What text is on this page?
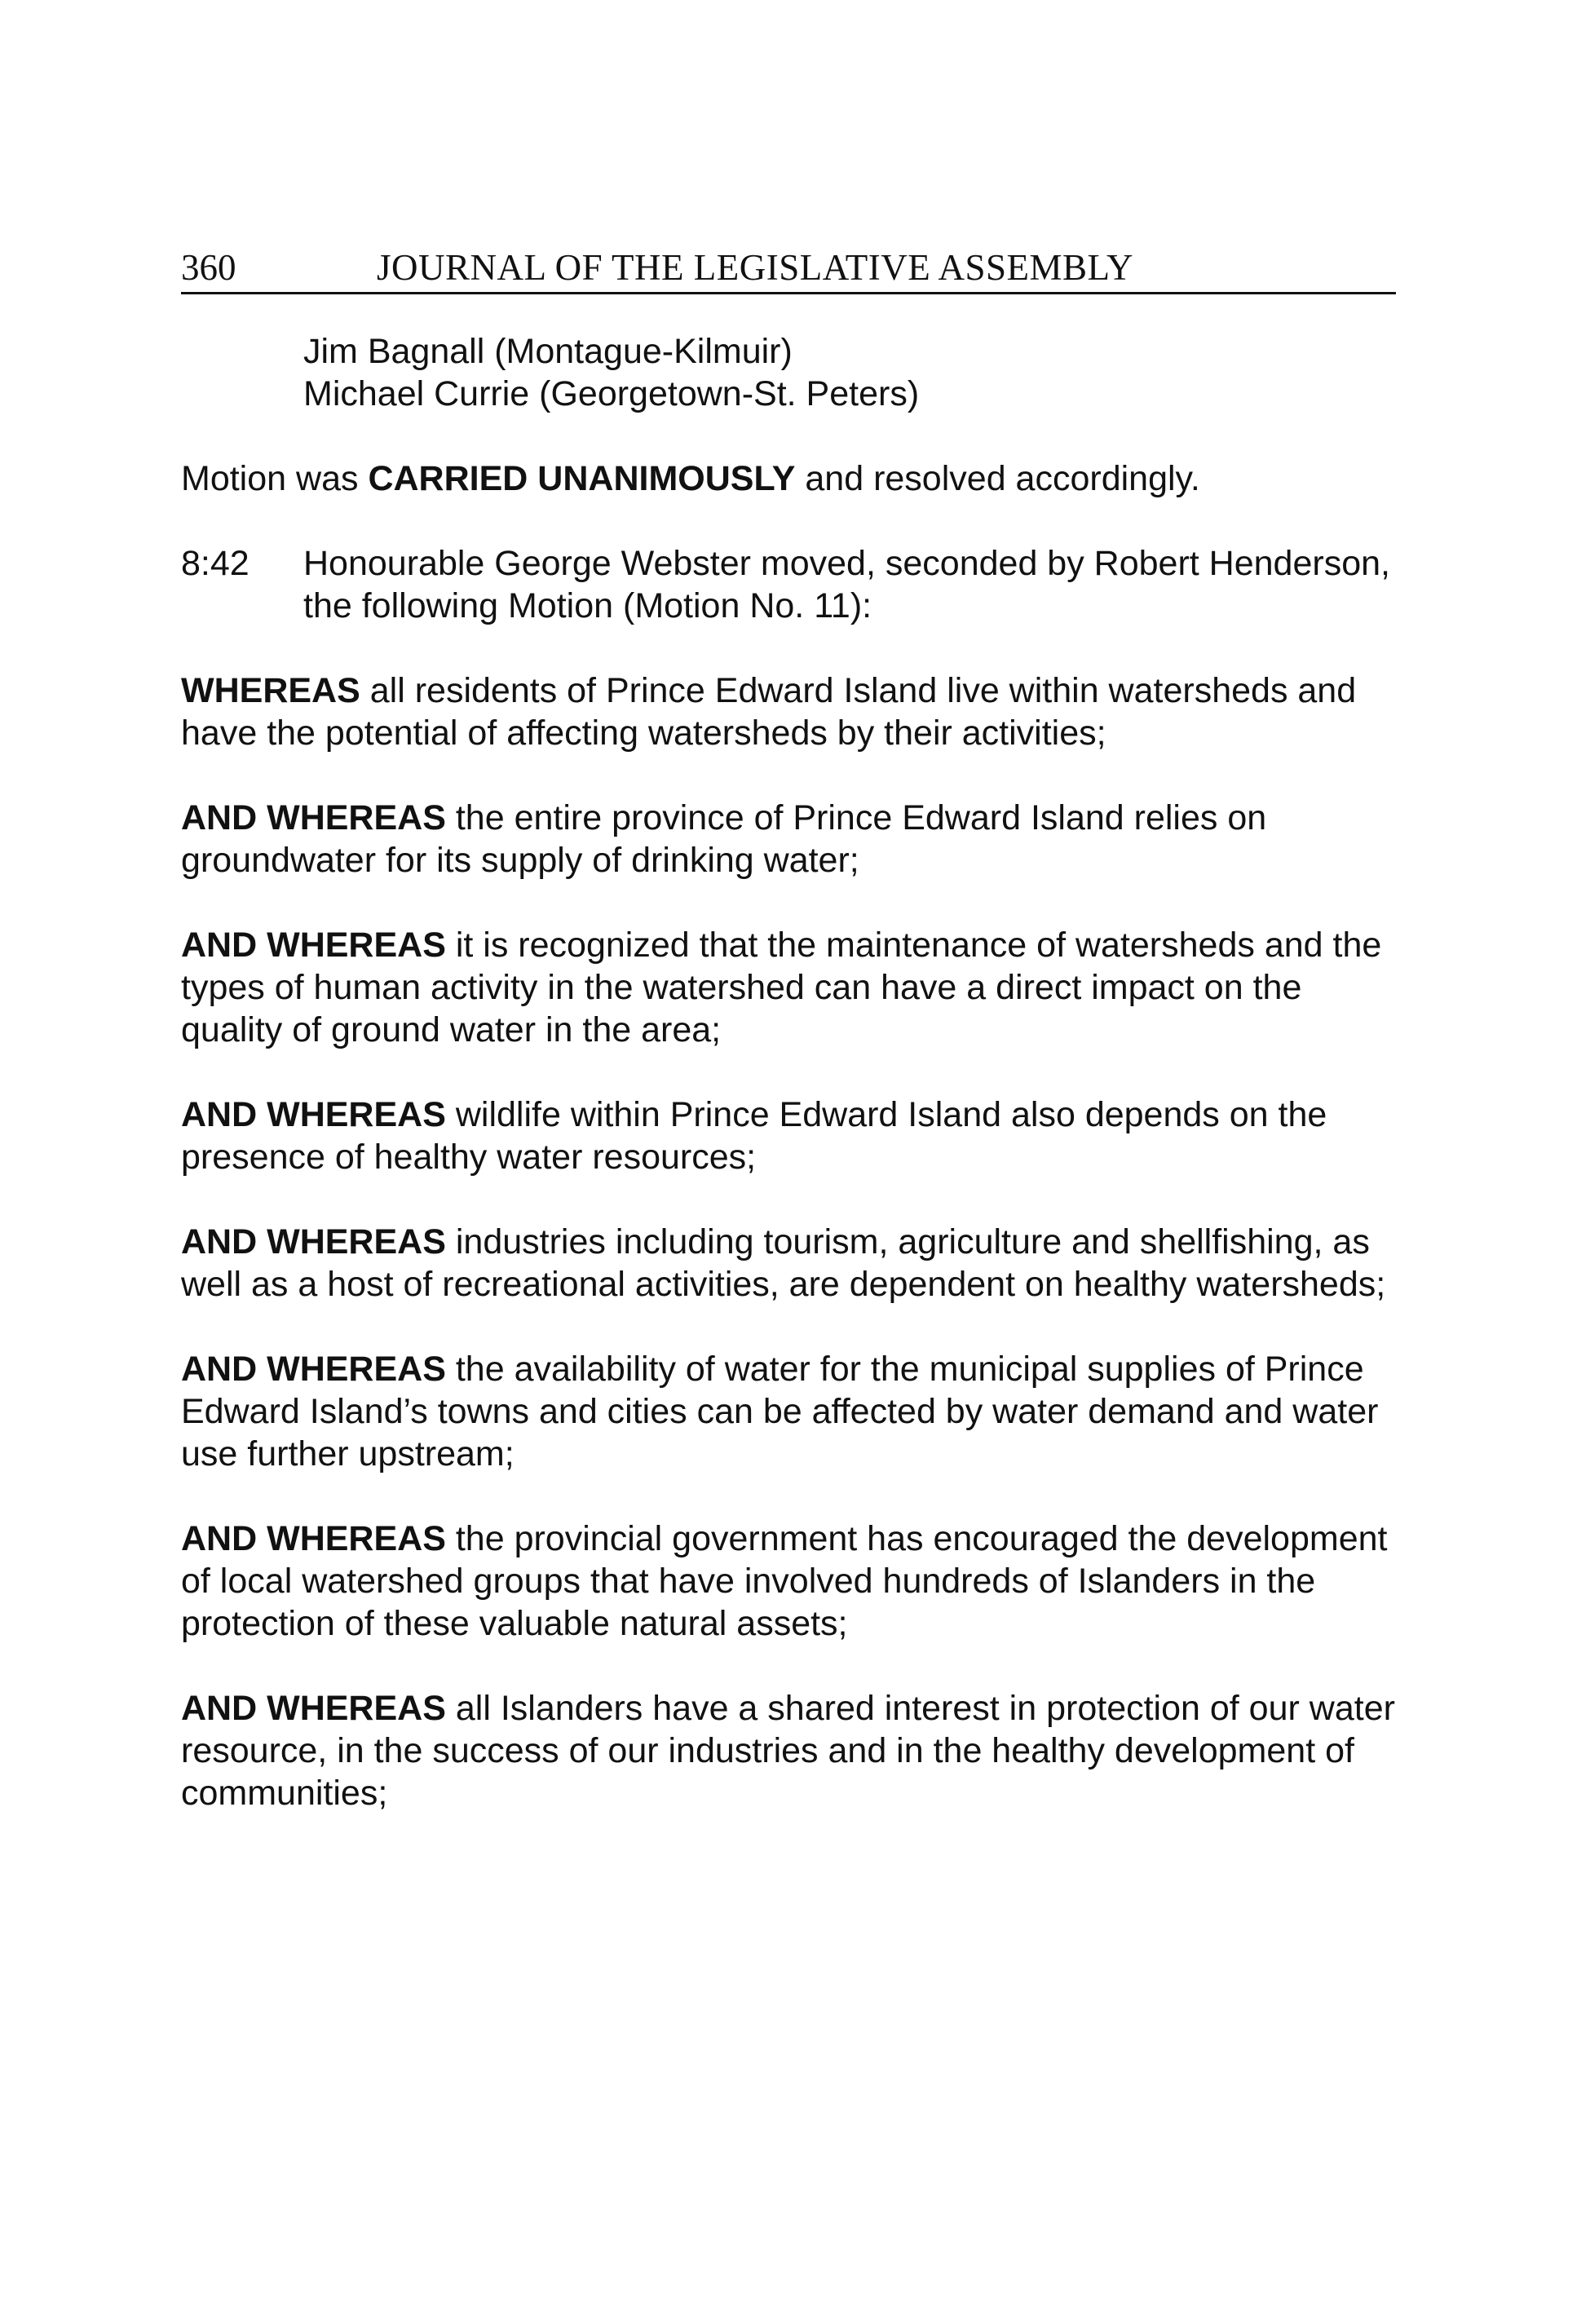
360	JOURNAL OF THE LEGISLATIVE ASSEMBLY
Jim Bagnall (Montague-Kilmuir)
Michael Currie (Georgetown-St. Peters)
Motion was CARRIED UNANIMOUSLY and resolved accordingly.
8:42 Honourable George Webster moved, seconded by Robert Henderson, the following Motion (Motion No. 11):
WHEREAS all residents of Prince Edward Island live within watersheds and have the potential of affecting watersheds by their activities;
AND WHEREAS the entire province of Prince Edward Island relies on groundwater for its supply of drinking water;
AND WHEREAS it is recognized that the maintenance of watersheds and the types of human activity in the watershed can have a direct impact on the quality of ground water in the area;
AND WHEREAS wildlife within Prince Edward Island also depends on the presence of healthy water resources;
AND WHEREAS industries including tourism, agriculture and shellfishing, as well as a host of recreational activities, are dependent on healthy watersheds;
AND WHEREAS the availability of water for the municipal supplies of Prince Edward Island’s towns and cities can be affected by water demand and water use further upstream;
AND WHEREAS the provincial government has encouraged the development of local watershed groups that have involved hundreds of Islanders in the protection of these valuable natural assets;
AND WHEREAS all Islanders have a shared interest in protection of our water resource, in the success of our industries and in the healthy development of communities;
